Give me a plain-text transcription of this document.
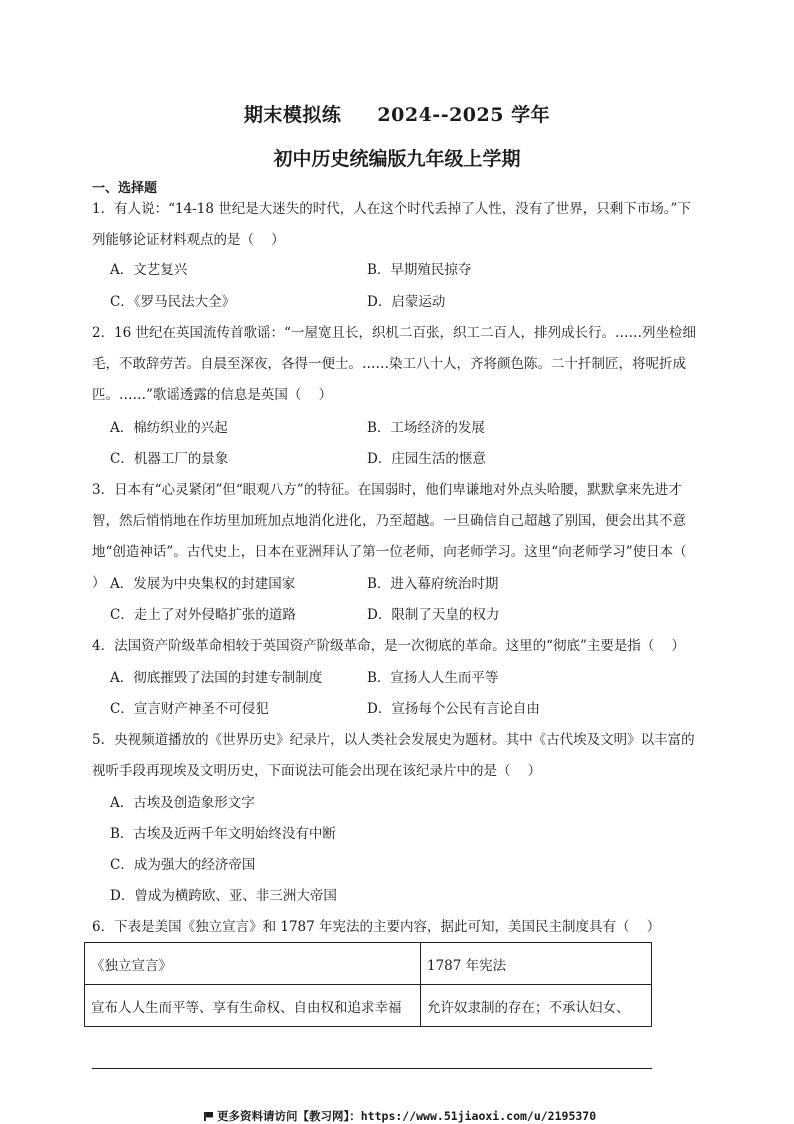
期末模拟练 2024--2025 学年
初中历史统编版九年级上学期
一、选择题
1．有人说：“14-18 世纪是大迷失的时代，人在这个时代丢掉了人性，没有了世界，只剩下市场。”下列能够论证材料观点的是（    ）
A．文艺复兴	B．早期殖民掠夺
C．《罗马民法大全》	D．启蒙运动
2．16 世纪在英国流传首歌谣：“一屋宽且长，织机二百张，织工二百人，排列成长行。……列坐检细毛，不敢辞劳苦。自晨至深夜，各得一便士。……染工八十人，齐将颜色陈。二十扦制匠，将呢折成匹。……”歌谣透露的信息是英国（    ）
A．棉纺织业的兴起	B．工场经济的发展
C．机器工厂的景象	D．庄园生活的惬意
3．日本有“心灵紧闭”但“眼观八方”的特征。在国弱时，他们卑谦地对外点头哈腰，默默拿来先进才智，然后悄悄地在作坊里加班加点地消化进化，乃至超越。一旦确信自己超越了别国，便会出其不意地“创造神话”。古代史上，日本在亚洲拜认了第一位老师，向老师学习。这里“向老师学习”使日本（    ） A．发展为中央集权的封建国家	B．进入幕府统治时期
C．走上了对外侵略扩张的道路	D．限制了天皇的权力
4．法国资产阶级革命相较于英国资产阶级革命，是一次彻底的革命。这里的“彻底”主要是指（    ）
A．彻底摧毁了法国的封建专制制度	B．宣扬人人生而平等
C．宣言财产神圣不可侵犯	D．宣扬每个公民有言论自由
5．央视频道播放的《世界历史》纪录片，以人类社会发展史为题材。其中《古代埃及文明》以丰富的视听手段再现埃及文明历史，下面说法可能会出现在该纪录片中的是（    ）
A．古埃及创造象形文字
B．古埃及近两千年文明始终没有中断
C．成为强大的经济帝国
D．曾成为横跨欧、亚、非三洲大帝国
6．下表是美国《独立宣言》和 1787 年宪法的主要内容，据此可知，美国民主制度具有（    ）
《独立宣言》	1787 年宪法
宣布人人生而平等、享有生命权、自由权和追求幸福	允许奴隶制的存在；不承认妇女、
更多资料请访问【教习网】：https://www.51jiaoxi.com/u/2195370
